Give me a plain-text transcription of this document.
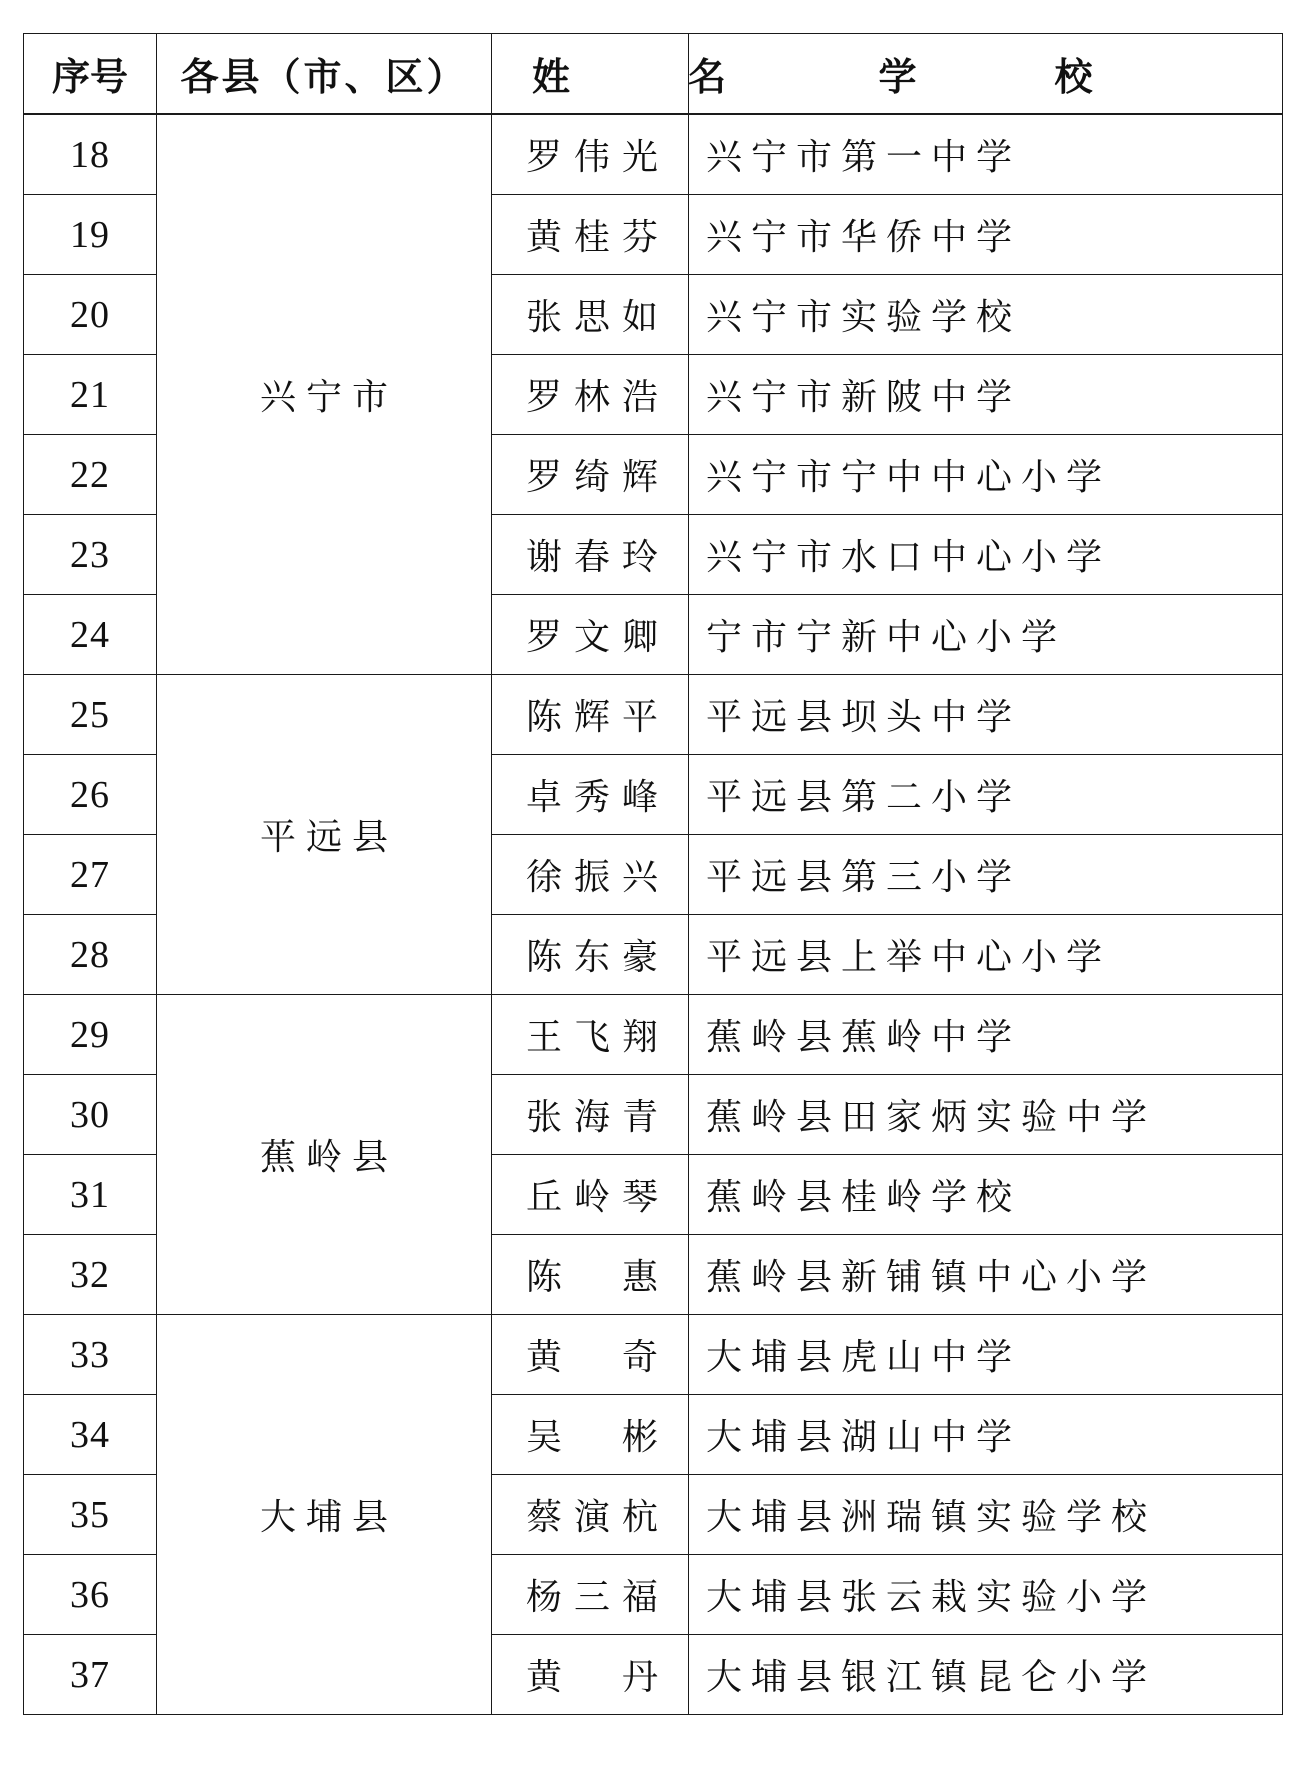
序号	各县（市、区）	姓　名	学　校
18	兴宁市	罗伟光	兴宁市第一中学
19		黄桂芬	兴宁市华侨中学
20		张思如	兴宁市实验学校
21		罗林浩	兴宁市新陂中学
22		罗绮辉	兴宁市宁中中心小学
23		谢春玲	兴宁市水口中心小学
24		罗文卿	宁市宁新中心小学
25	平远县	陈辉平	平远县坝头中学
26		卓秀峰	平远县第二小学
27		徐振兴	平远县第三小学
28		陈东豪	平远县上举中心小学
29	蕉岭县	王飞翔	蕉岭县蕉岭中学
30		张海青	蕉岭县田家炳实验中学
31		丘岭琴	蕉岭县桂岭学校
32		陈惠	蕉岭县新铺镇中心小学
33	大埔县	黄奇	大埔县虎山中学
34		吴彬	大埔县湖山中学
35		蔡演杭	大埔县洲瑞镇实验学校
36		杨三福	大埔县张云栽实验小学
37		黄丹	大埔县银江镇昆仑小学
